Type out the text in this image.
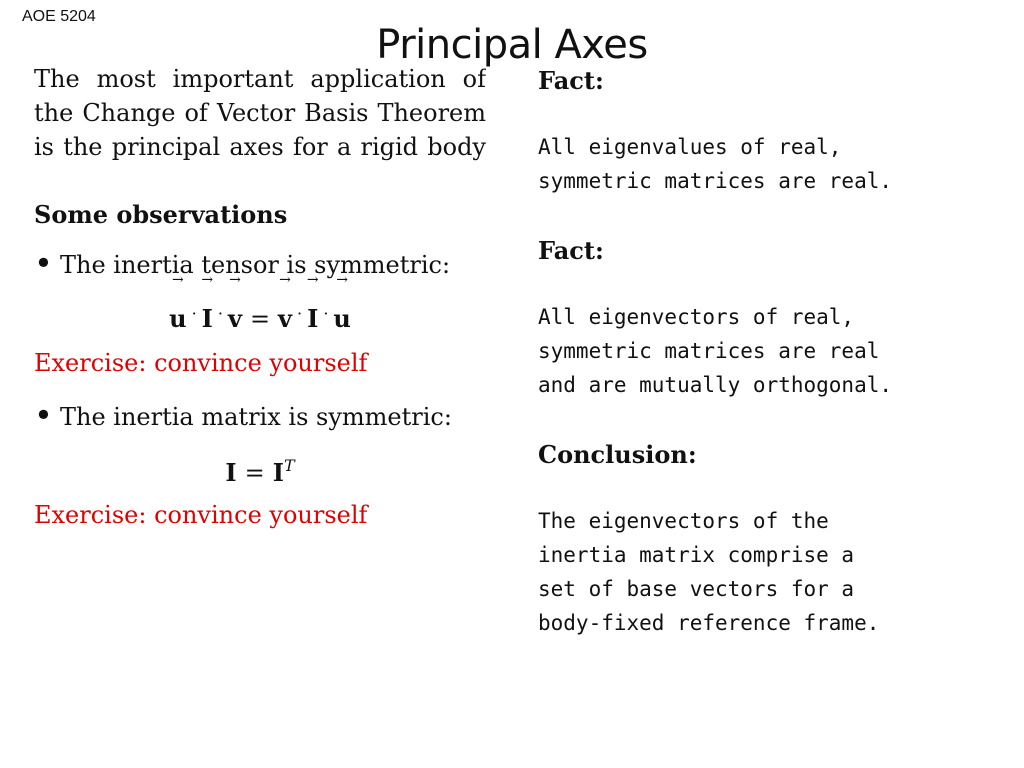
AOE 5204
Principal Axes
The most important application of
the Change of Vector Basis Theorem
is the principal axes for a rigid body
Some observations
• The inertia tensor is symmetric:
→ u · → I · → v = → v · → I · → u
Exercise: convince yourself
• The inertia matrix is symmetric:
$I = I^T$
Exercise: convince yourself
Fact:
All eigenvalues of real,
symmetric matrices are real.
Fact:
All eigenvectors of real,
symmetric matrices are real
and are mutually orthogonal.
Conclusion:
The eigenvectors of the
inertia matrix comprise a
set of base vectors for a
body-fixed reference frame.
